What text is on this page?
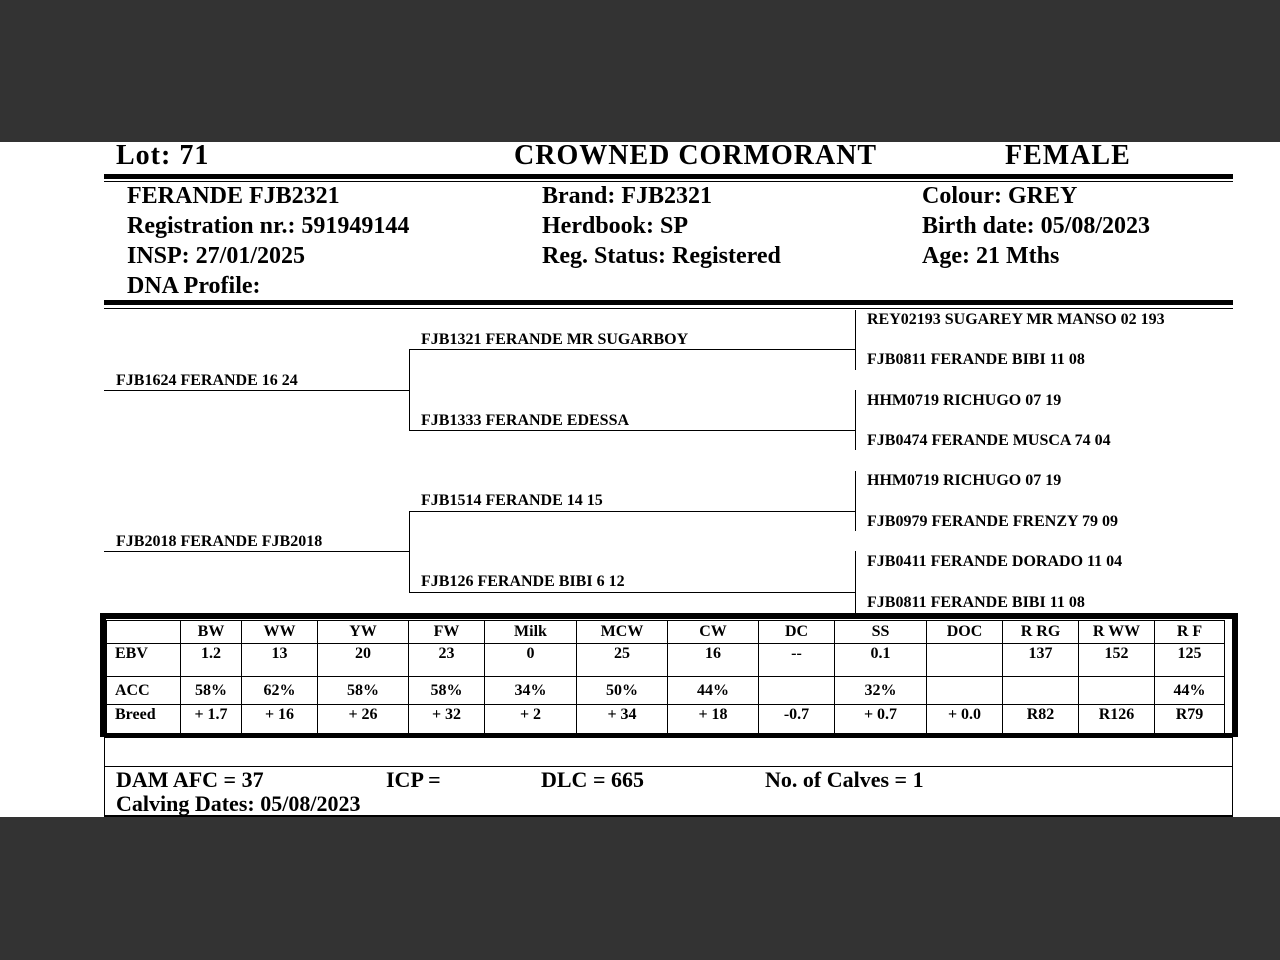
Lot: 71	CROWNED CORMORANT	FEMALE
FERANDE FJB2321
Registration nr.: 591949144
INSP: 27/01/2025
DNA Profile:
Brand: FJB2321
Herdbook: SP
Reg. Status: Registered
Colour: GREY
Birth date: 05/08/2023
Age: 21 Mths
FJB1624 FERANDE 16 24
FJB2018 FERANDE FJB2018
FJB1321 FERANDE MR SUGARBOY
FJB1333 FERANDE EDESSA
FJB1514 FERANDE 14 15
FJB126 FERANDE BIBI 6 12
REY02193 SUGAREY MR MANSO 02 193
FJB0811 FERANDE BIBI 11 08
HHM0719 RICHUGO 07 19
FJB0474 FERANDE MUSCA 74 04
HHM0719 RICHUGO 07 19
FJB0979 FERANDE FRENZY 79 09
FJB0411 FERANDE DORADO 11 04
FJB0811 FERANDE BIBI 11 08
	BW	WW	YW	FW	Milk	MCW	CW	DC	SS	DOC	R RG	R WW	R F
EBV	1.2	13	20	23	0	25	16	--	0.1		137	152	125
ACC	58%	62%	58%	58%	34%	50%	44%		32%				44%
Breed	+ 1.7	+ 16	+ 26	+ 32	+ 2	+ 34	+ 18	-0.7	+ 0.7	+ 0.0	R82	R126	R79
DAM AFC = 37	ICP =	DLC = 665	No. of Calves = 1
Calving Dates: 05/08/2023
